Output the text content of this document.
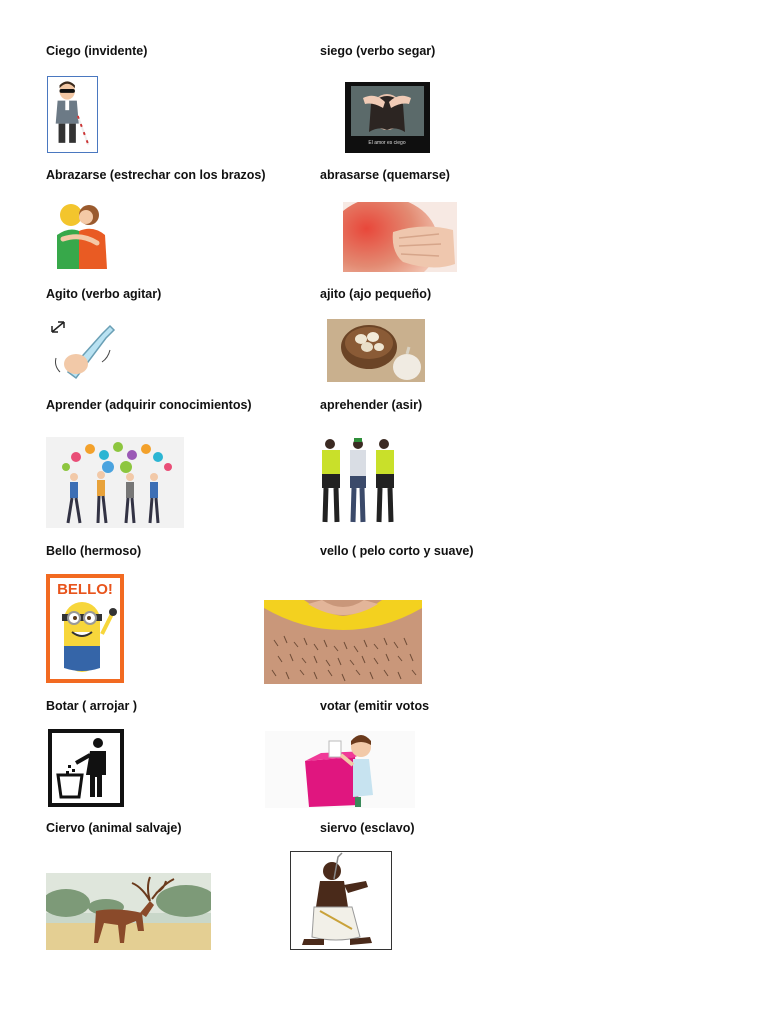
Ciego (invidente)	siego (verbo segar)
El amor es ciego
Abrazarse (estrechar con los brazos)	abrasarse (quemarse)
Agito (verbo agitar)	ajito (ajo pequeño)
Aprender (adquirir conocimientos)	aprehender (asir)
Bello (hermoso)	vello ( pelo corto y suave)
BELLO!
Botar ( arrojar )	votar (emitir votos
Ciervo (animal salvaje)	siervo (esclavo)
